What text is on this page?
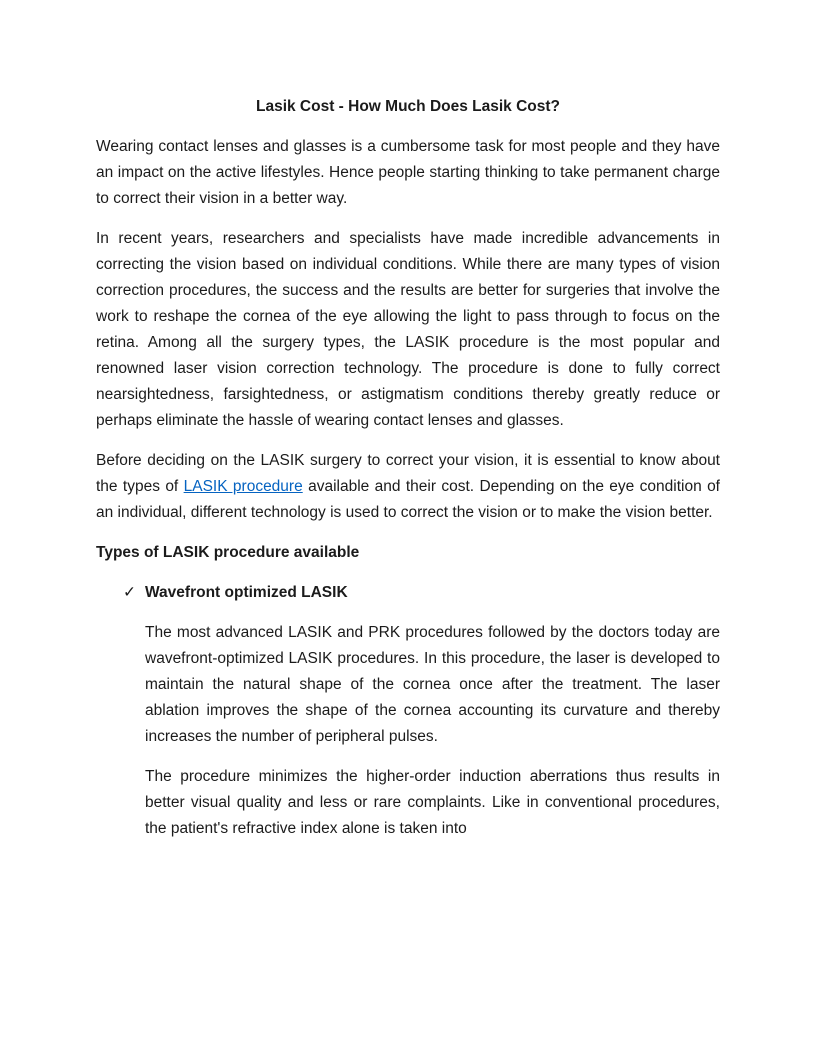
Lasik Cost - How Much Does Lasik Cost?

Wearing contact lenses and glasses is a cumbersome task for most people and they have an impact on the active lifestyles. Hence people starting thinking to take permanent charge to correct their vision in a better way.

In recent years, researchers and specialists have made incredible advancements in correcting the vision based on individual conditions. While there are many types of vision correction procedures, the success and the results are better for surgeries that involve the work to reshape the cornea of the eye allowing the light to pass through to focus on the retina. Among all the surgery types, the LASIK procedure is the most popular and renowned laser vision correction technology. The procedure is done to fully correct nearsightedness, farsightedness, or astigmatism conditions thereby greatly reduce or perhaps eliminate the hassle of wearing contact lenses and glasses.

Before deciding on the LASIK surgery to correct your vision, it is essential to know about the types of LASIK procedure available and their cost. Depending on the eye condition of an individual, different technology is used to correct the vision or to make the vision better.

Types of LASIK procedure available
✓ Wavefront optimized LASIK

The most advanced LASIK and PRK procedures followed by the doctors today are wavefront-optimized LASIK procedures. In this procedure, the laser is developed to maintain the natural shape of the cornea once after the treatment. The laser ablation improves the shape of the cornea accounting its curvature and thereby increases the number of peripheral pulses.

The procedure minimizes the higher-order induction aberrations thus results in better visual quality and less or rare complaints. Like in conventional procedures, the patient's refractive index alone is taken into
